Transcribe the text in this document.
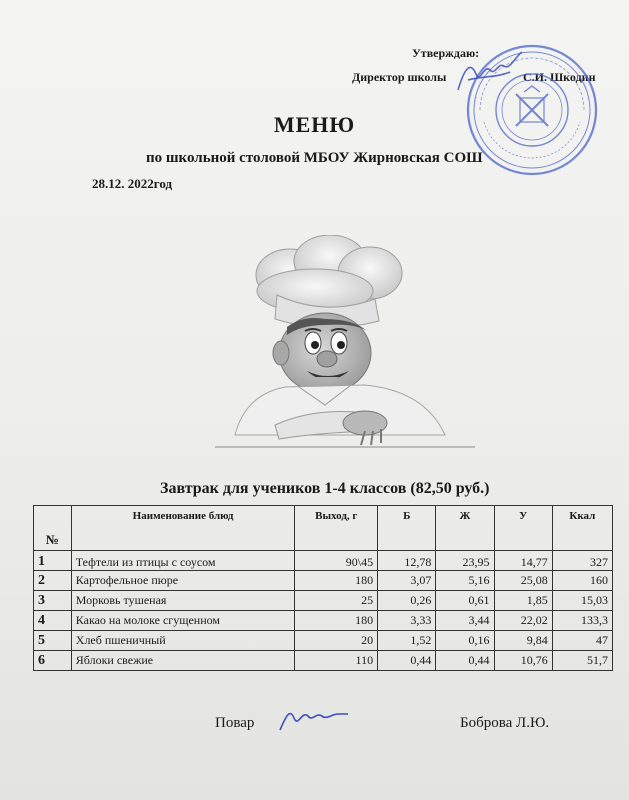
Утверждаю:
Директор школы	С.И. Шкодин
МЕНЮ
по школьной столовой МБОУ Жирновская СОШ
28.12. 2022год
Завтрак для учеников 1-4 классов (82,50 руб.)
№	Наименование блюд	Выход, г	Б	Ж	У	Ккал
1	Тефтели из птицы с соусом	90\45	12,78	23,95	14,77	327
2	Картофельное пюре	180	3,07	5,16	25,08	160
3	Морковь тушеная	25	0,26	0,61	1,85	15,03
4	Какао на молоке сгущенном	180	3,33	3,44	22,02	133,3
5	Хлеб пшеничный	20	1,52	0,16	9,84	47
6	Яблоки свежие	110	0,44	0,44	10,76	51,7
Повар	Боброва Л.Ю.
